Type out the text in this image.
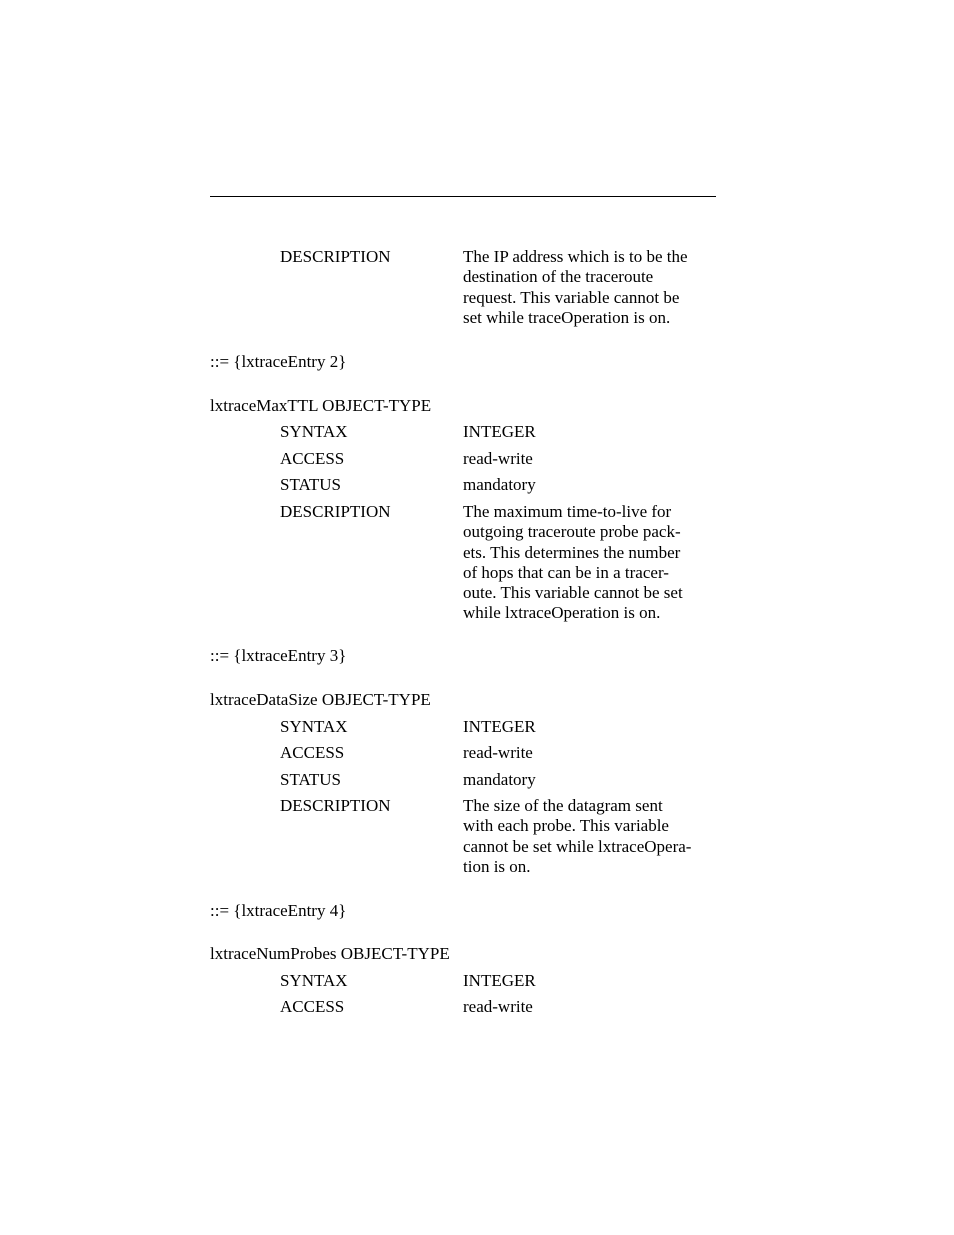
DESCRIPTION	The IP address which is to be the
destination of the traceroute
request. This variable cannot be
set while traceOperation is on.
::= {lxtraceEntry 2}
lxtraceMaxTTL OBJECT-TYPE
SYNTAX	INTEGER
ACCESS	read-write
STATUS	mandatory
DESCRIPTION	The maximum time-to-live for
outgoing traceroute probe pack-
ets. This determines the number
of hops that can be in a tracer-
oute. This variable cannot be set
while lxtraceOperation is on.
::= {lxtraceEntry 3}
lxtraceDataSize OBJECT-TYPE
SYNTAX	INTEGER
ACCESS	read-write
STATUS	mandatory
DESCRIPTION	The size of the datagram sent
with each probe. This variable
cannot be set while lxtraceOpera-
tion is on.
::= {lxtraceEntry 4}
lxtraceNumProbes OBJECT-TYPE
SYNTAX	INTEGER
ACCESS	read-write
